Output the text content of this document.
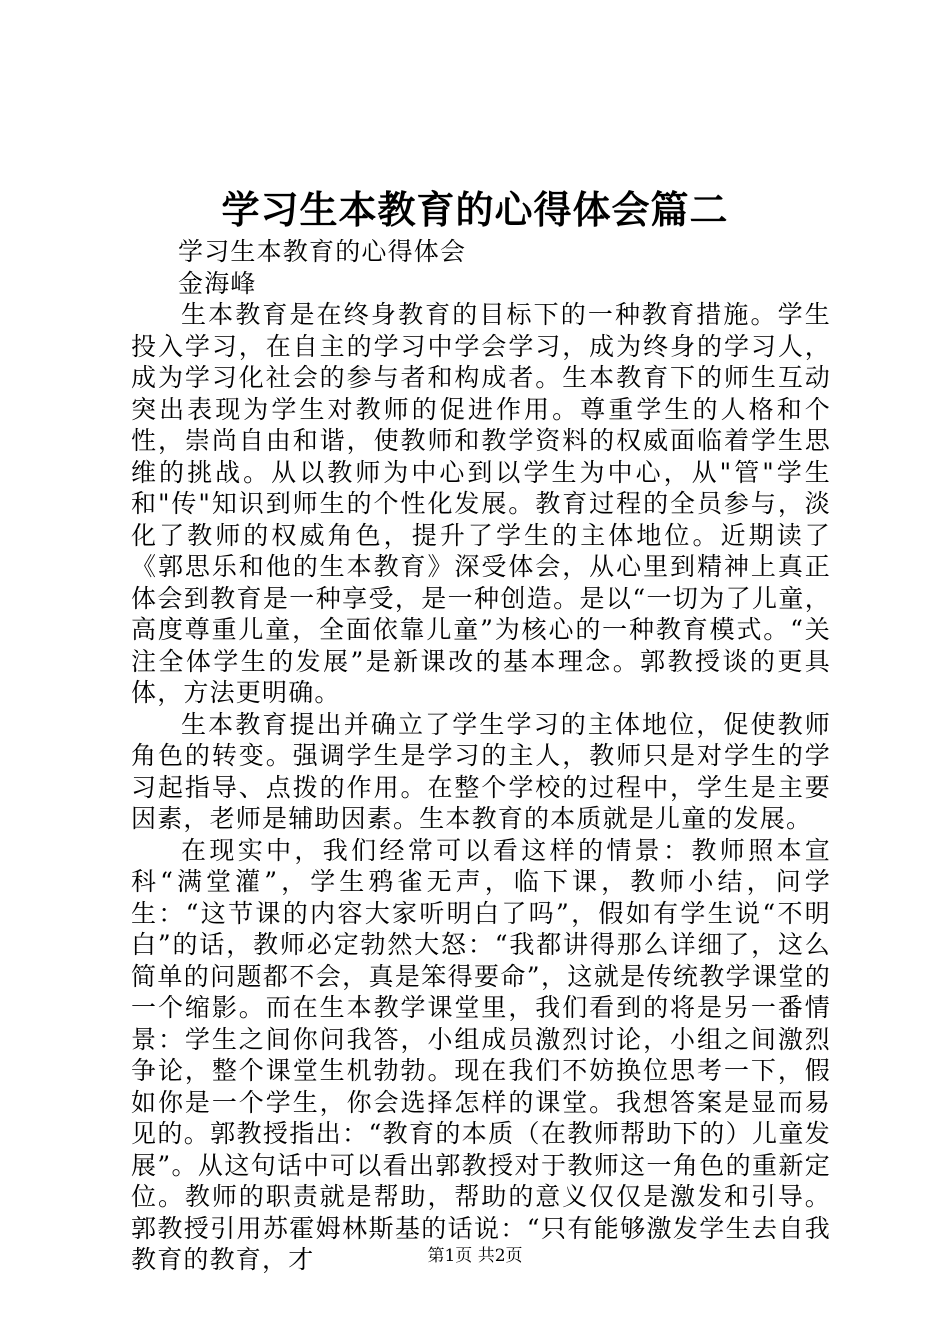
学习生本教育的心得体会篇二

学习生本教育的心得体会

金海峰

生本教育是在终身教育的目标下的一种教育措施。学生投入学习，在自主的学习中学会学习，成为终身的学习人，成为学习化社会的参与者和构成者。生本教育下的师生互动突出表现为学生对教师的促进作用。尊重学生的人格和个性，崇尚自由和谐，使教师和教学资料的权威面临着学生思维的挑战。从以教师为中心到以学生为中心，从"管"学生和"传"知识到师生的个性化发展。教育过程的全员参与，淡化了教师的权威角色，提升了学生的主体地位。近期读了《郭思乐和他的生本教育》深受体会，从心里到精神上真正体会到教育是一种享受，是一种创造。是以“一切为了儿童，高度尊重儿童，全面依靠儿童”为核心的一种教育模式。“关注全体学生的发展”是新课改的基本理念。郭教授谈的更具体，方法更明确。

生本教育提出并确立了学生学习的主体地位，促使教师角色的转变。强调学生是学习的主人，教师只是对学生的学习起指导、点拨的作用。在整个学校的过程中，学生是主要因素，老师是辅助因素。生本教育的本质就是儿童的发展。

在现实中，我们经常可以看这样的情景：教师照本宣科“满堂灌”，学生鸦雀无声，临下课，教师小结，问学生：“这节课的内容大家听明白了吗”，假如有学生说“不明白”的话，教师必定勃然大怒：“我都讲得那么详细了，这么简单的问题都不会，真是笨得要命”，这就是传统教学课堂的一个缩影。而在生本教学课堂里，我们看到的将是另一番情景：学生之间你问我答，小组成员激烈讨论，小组之间激烈争论，整个课堂生机勃勃。现在我们不妨换位思考一下，假如你是一个学生，你会选择怎样的课堂。我想答案是显而易见的。郭教授指出：“教育的本质（在教师帮助下的）儿童发展”。从这句话中可以看出郭教授对于教师这一角色的重新定位。教师的职责就是帮助，帮助的意义仅仅是激发和引导。郭教授引用苏霍姆林斯基的话说：“只有能够激发学生去自我教育的教育，才	第1页 共2页
